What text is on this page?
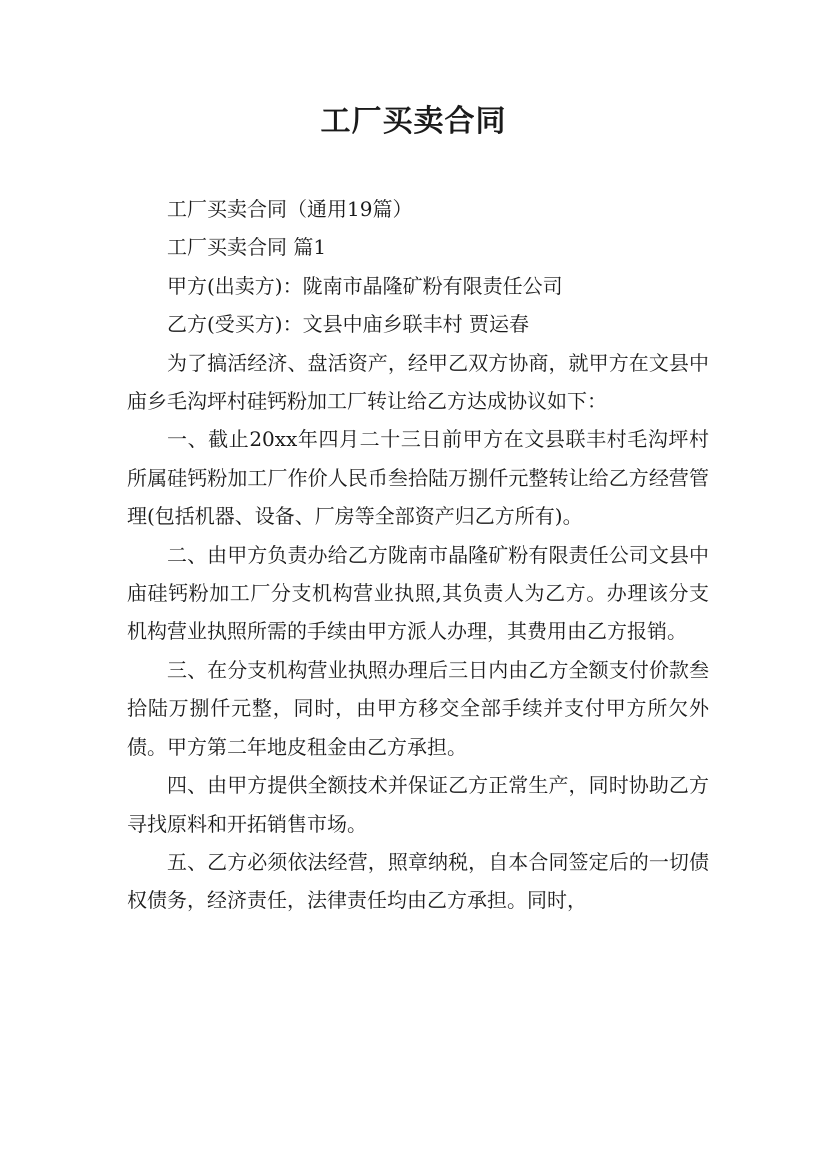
工厂买卖合同

工厂买卖合同（通用19篇）

工厂买卖合同 篇1

甲方(出卖方)：陇南市晶隆矿粉有限责任公司

乙方(受买方)：文县中庙乡联丰村 贾运春

为了搞活经济、盘活资产，经甲乙双方协商，就甲方在文县中庙乡毛沟坪村硅钙粉加工厂转让给乙方达成协议如下：

一、截止20xx年四月二十三日前甲方在文县联丰村毛沟坪村所属硅钙粉加工厂作价人民币叁拾陆万捌仟元整转让给乙方经营管理(包括机器、设备、厂房等全部资产归乙方所有)。

二、由甲方负责办给乙方陇南市晶隆矿粉有限责任公司文县中庙硅钙粉加工厂分支机构营业执照,其负责人为乙方。办理该分支机构营业执照所需的手续由甲方派人办理，其费用由乙方报销。

三、在分支机构营业执照办理后三日内由乙方全额支付价款叁拾陆万捌仟元整，同时，由甲方移交全部手续并支付甲方所欠外债。甲方第二年地皮租金由乙方承担。

四、由甲方提供全额技术并保证乙方正常生产，同时协助乙方寻找原料和开拓销售市场。

五、乙方必须依法经营，照章纳税，自本合同签定后的一切债权债务，经济责任，法律责任均由乙方承担。同时，
